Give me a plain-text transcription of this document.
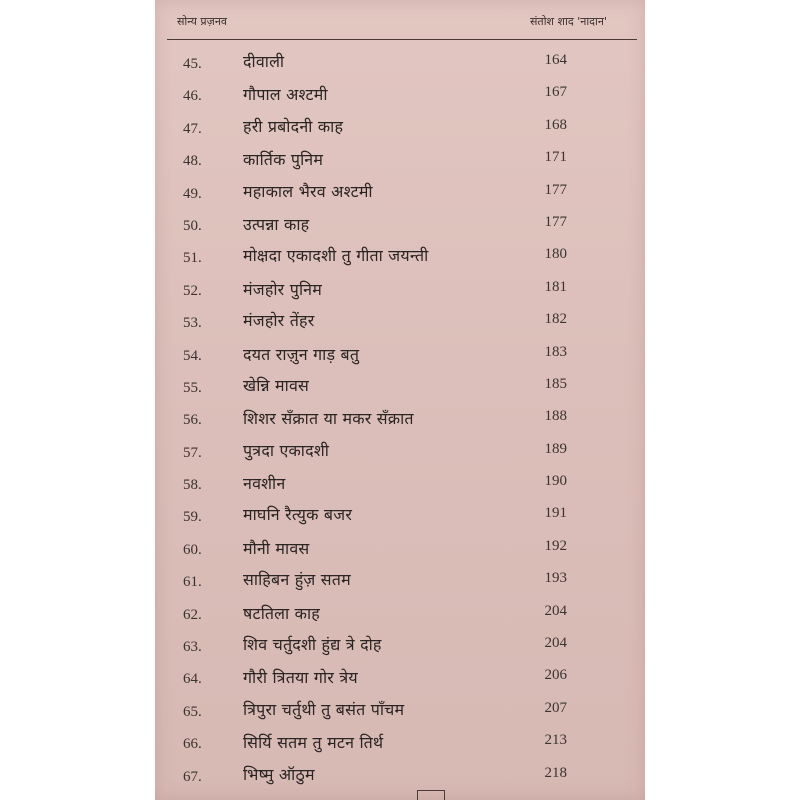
सोन्य प्रज़नव	संतोश शाद 'नादान'
45.	दीवाली	164
46.	गौपाल अश्टमी	167
47.	हरी प्रबोदनी काह	168
48.	कार्तिक पुनिम	171
49.	महाकाल भैरव अश्टमी	177
50.	उत्पन्ना काह	177
51.	मोक्षदा एकादशी तु गीता जयन्ती	180
52.	मंजहोर पुनिम	181
53.	मंजहोर तेंहर	182
54.	दयत राज़ुन गाड़ बतु	183
55.	खेन्नि मावस	185
56.	शिशर सँक्रात या मकर सँक्रात	188
57.	पुत्रदा एकादशी	189
58.	नवशीन	190
59.	माघनि रैत्युक बजर	191
60.	मौनी मावस	192
61.	साहिबन हुंज़ सतम	193
62.	षटतिला काह	204
63.	शिव चर्तुदशी हुंद्य त्रे दोह	204
64.	गौरी त्रितया गोर त्रेय	206
65.	त्रिपुरा चर्तुथी तु बसंत पाँचम	207
66.	सिर्यि सतम तु मटन तिर्थ	213
67.	भिष्मु ऑठुम	218
